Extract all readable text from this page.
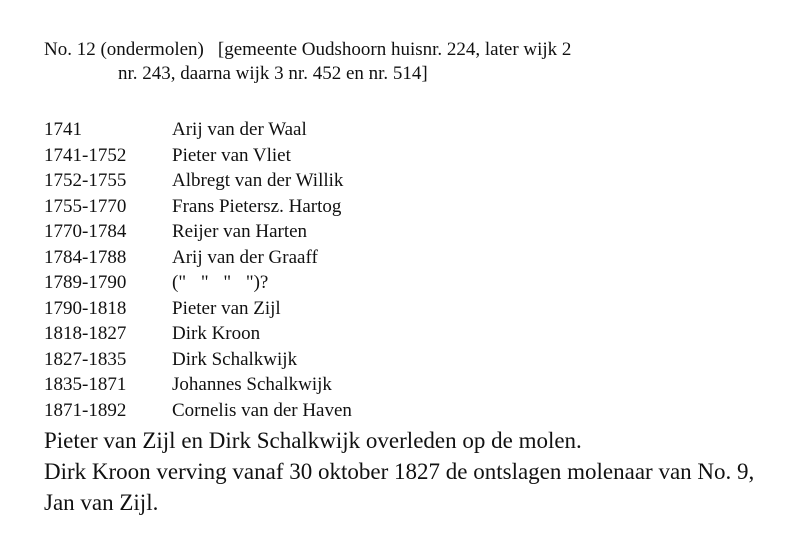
No. 12 (ondermolen) [gemeente Oudshoorn huisnr. 224, later wijk 2
nr. 243, daarna wijk 3 nr. 452 en nr. 514]
1741	Arij van der Waal
1741-1752	Pieter van Vliet
1752-1755	Albregt van der Willik
1755-1770	Frans Pietersz. Hartog
1770-1784	Reijer van Harten
1784-1788	Arij van der Graaff
1789-1790	(" " " ")?
1790-1818	Pieter van Zijl
1818-1827	Dirk Kroon
1827-1835	Dirk Schalkwijk
1835-1871	Johannes Schalkwijk
1871-1892	Cornelis van der Haven

Pieter van Zijl en Dirk Schalkwijk overleden op de molen.

Dirk Kroon verving vanaf 30 oktober 1827 de ontslagen molenaar van No. 9, Jan van Zijl.
